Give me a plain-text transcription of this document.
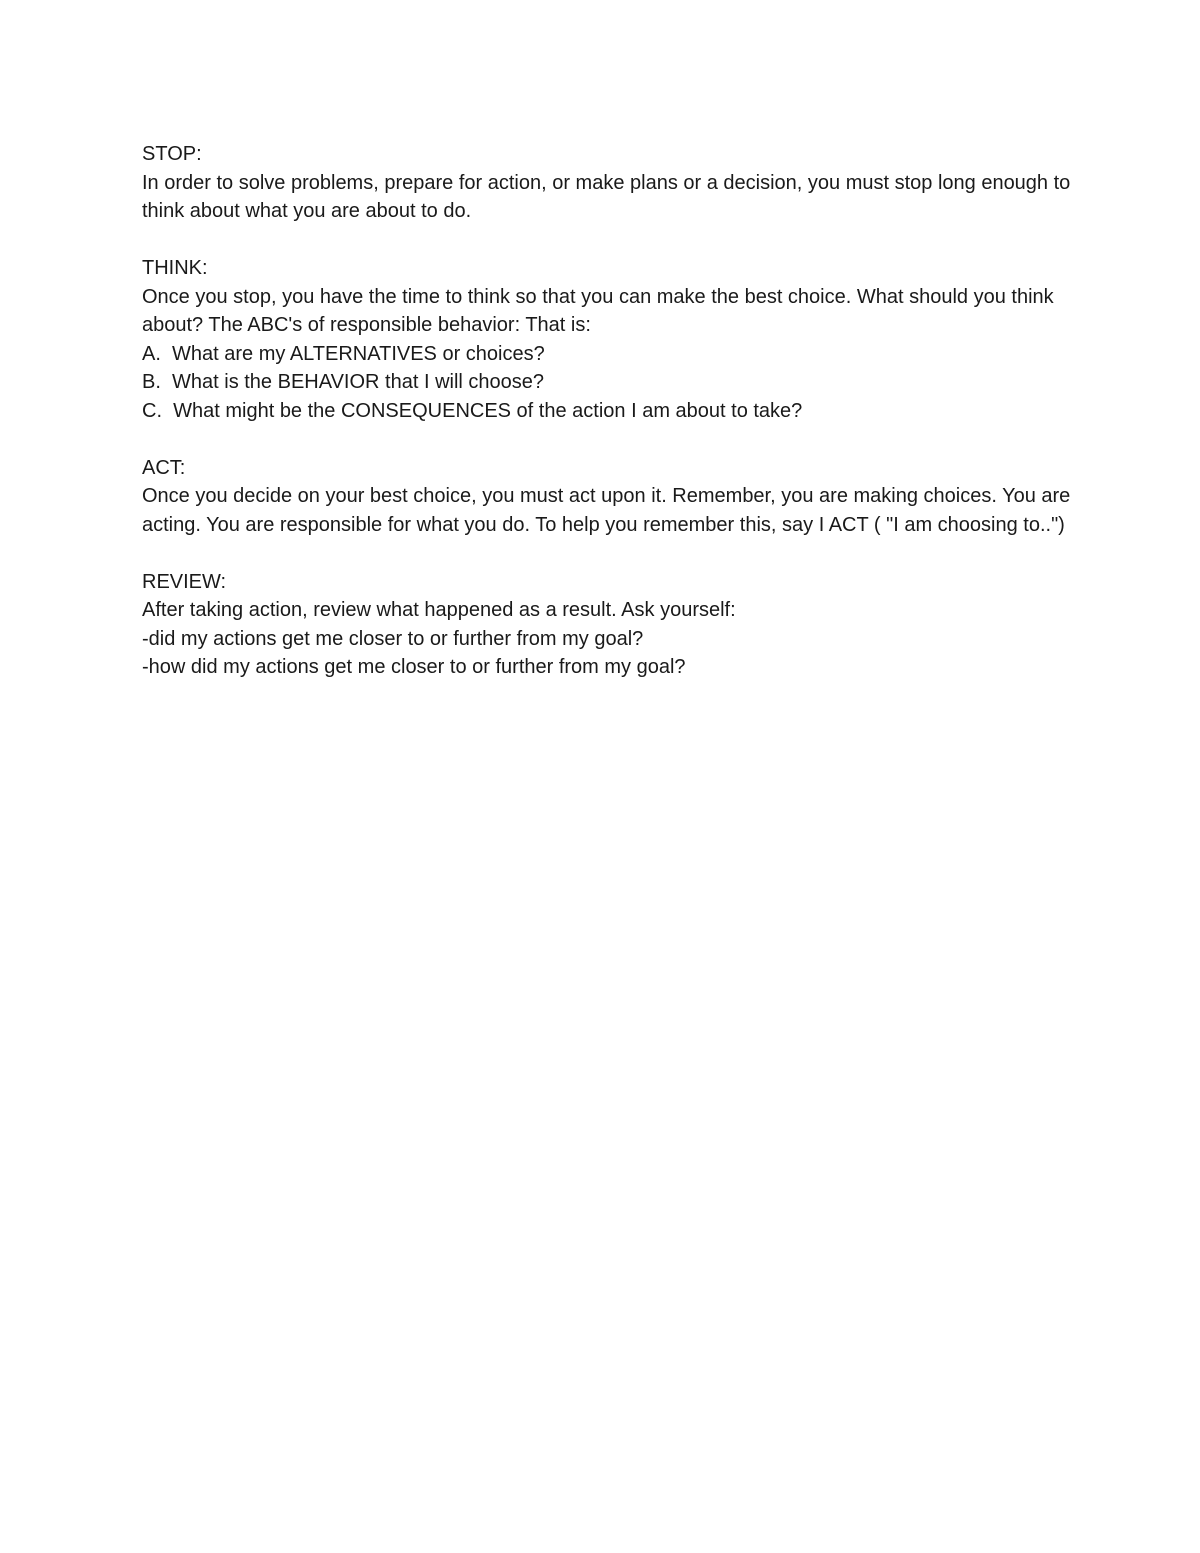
STOP:
In order to solve problems, prepare for action, or make plans or a decision, you must stop long enough to think about what you are about to do.
THINK:
Once you stop, you have the time to think so that you can make the best choice. What should you think about? The ABC's of responsible behavior: That is:
A.  What are my ALTERNATIVES or choices?
B.  What is the BEHAVIOR that I will choose?
C.  What might be the CONSEQUENCES of the action I am about to take?
ACT:
Once you decide on your best choice, you must act upon it. Remember, you are making choices. You are acting. You are responsible for what you do. To help you remember this, say I ACT ( "I am choosing to..")
REVIEW:
After taking action, review what happened as a result. Ask yourself:
-did my actions get me closer to or further from my goal?
-how did my actions get me closer to or further from my goal?
